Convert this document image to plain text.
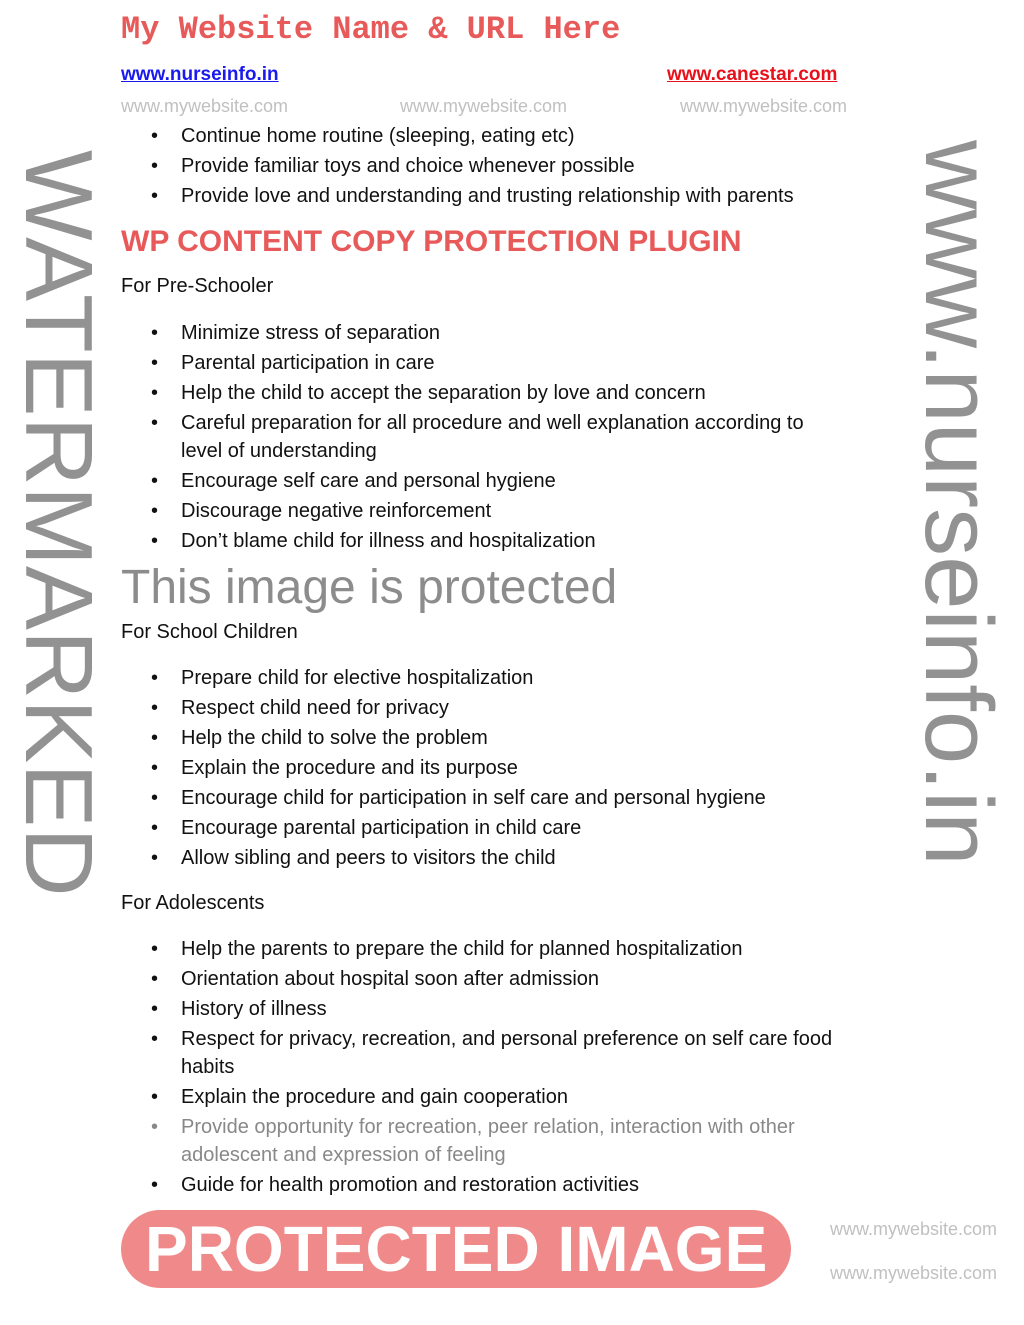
www.nurseinfo.in	www.canestar.com
• Continue home routine (sleeping, eating etc)
• Provide familiar toys and choice whenever possible
• Provide love and understanding and trusting relationship with parents
For Pre-Schooler
• Minimize stress of separation
• Parental participation in care
• Help the child to accept the separation by love and concern
• Careful preparation for all procedure and well explanation according to
level of understanding
• Encourage self care and personal hygiene
• Discourage negative reinforcement
• Don’t blame child for illness and hospitalization
For School Children
• Prepare child for elective hospitalization
• Respect child need for privacy
• Help the child to solve the problem
• Explain the procedure and its purpose
• Encourage child for participation in self care and personal hygiene
• Encourage parental participation in child care
• Allow sibling and peers to visitors the child
For Adolescents
• Help the parents to prepare the child for planned hospitalization
• Orientation about hospital soon after admission
• History of illness
• Respect for privacy, recreation, and personal preference on self care food
habits
• Explain the procedure and gain cooperation
• Provide opportunity for recreation, peer relation, interaction with other
adolescent and expression of feeling
• Guide for health promotion and restoration activities
My Website Name & URL Here
www.mywebsite.com	www.mywebsite.com	www.mywebsite.com
WP CONTENT COPY PROTECTION PLUGIN
This image is protected
WATERMARKED	www.nurseinfo.in
PROTECTED IMAGE	www.mywebsite.com
www.mywebsite.com
